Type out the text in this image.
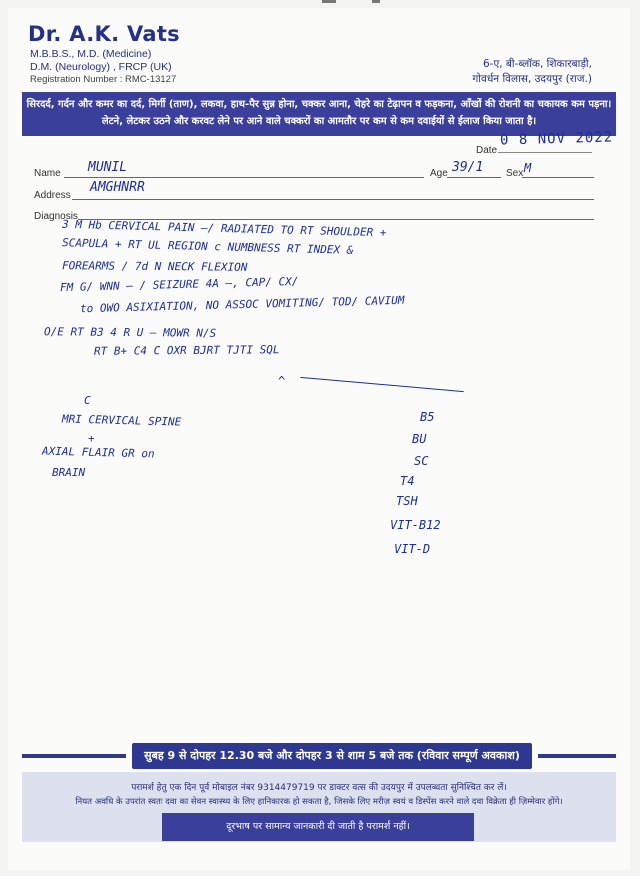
Dr. A.K. Vats
M.B.B.S., M.D. (Medicine)
D.M. (Neurology) , FRCP (UK)
Registration Number : RMC-13127
6-ए, बी-ब्लॉक, शिकारबाड़ी,
गोवर्धन विलास, उदयपुर (राज.)
सिरदर्द, गर्दन और कमर का दर्द, मिर्गी (ताण), लकवा, हाथ-पैर सुन्न होना, चक्कर आना, चेहरे का टेढ़ापन व फड़कना, आँखों की रोशनी का चकायक कम पड़ना।
लेटने, लेटकर उठने और करवट लेने पर आने वाले चक्करों का आमतौर पर कम से कम दवाईयों से ईलाज किया जाता है।
Date
0 8 NOV 2022
Name MUNIL	Age 39/1 Sex M
Address
AMGHNRR
Diagnosis
3 M Hb CERVICAL PAIN —/ RADIATED TO RT SHOULDER +
SCAPULA + RT UL REGION c NUMBNESS RT INDEX &
FOREARMS / 7d N NECK FLEXION
FM G/ WNN — / SEIZURE 4A —, CAP/ CX/
to OWO ASIXIATION, NO ASSOC VOMITING/ TOD/ CAVIUM
O/E RT B3 4 R U — MOWR N/S
RT B+ C4 C OXR BJRT TJTI SQL
^
C
MRI CERVICAL SPINE
+
AXIAL FLAIR GR on
BRAIN
B5
BU
SC
T4
TSH
VIT-B12
VIT-D
सुबह 9 से दोपहर 12.30 बजे और दोपहर 3 से शाम 5 बजे तक (रविवार सम्पूर्ण अवकाश)
परामर्श हेतु एक दिन पूर्व मोबाइल नंबर 9314479719 पर डाक्टर वत्स की उदयपुर में उपलब्धता सुनिश्चित कर लें।
नियत अवधि के उपरांत स्वतः दवा का सेवन स्वास्थ्य के लिए हानिकारक हो सकता है, जिसके लिए मरीज़ स्वयं व डिस्पेंस करने वाले दवा विक्रेता ही ज़िम्मेवार होंगे।
दूरभाष पर सामान्य जानकारी दी जाती है परामर्श नहीं।
